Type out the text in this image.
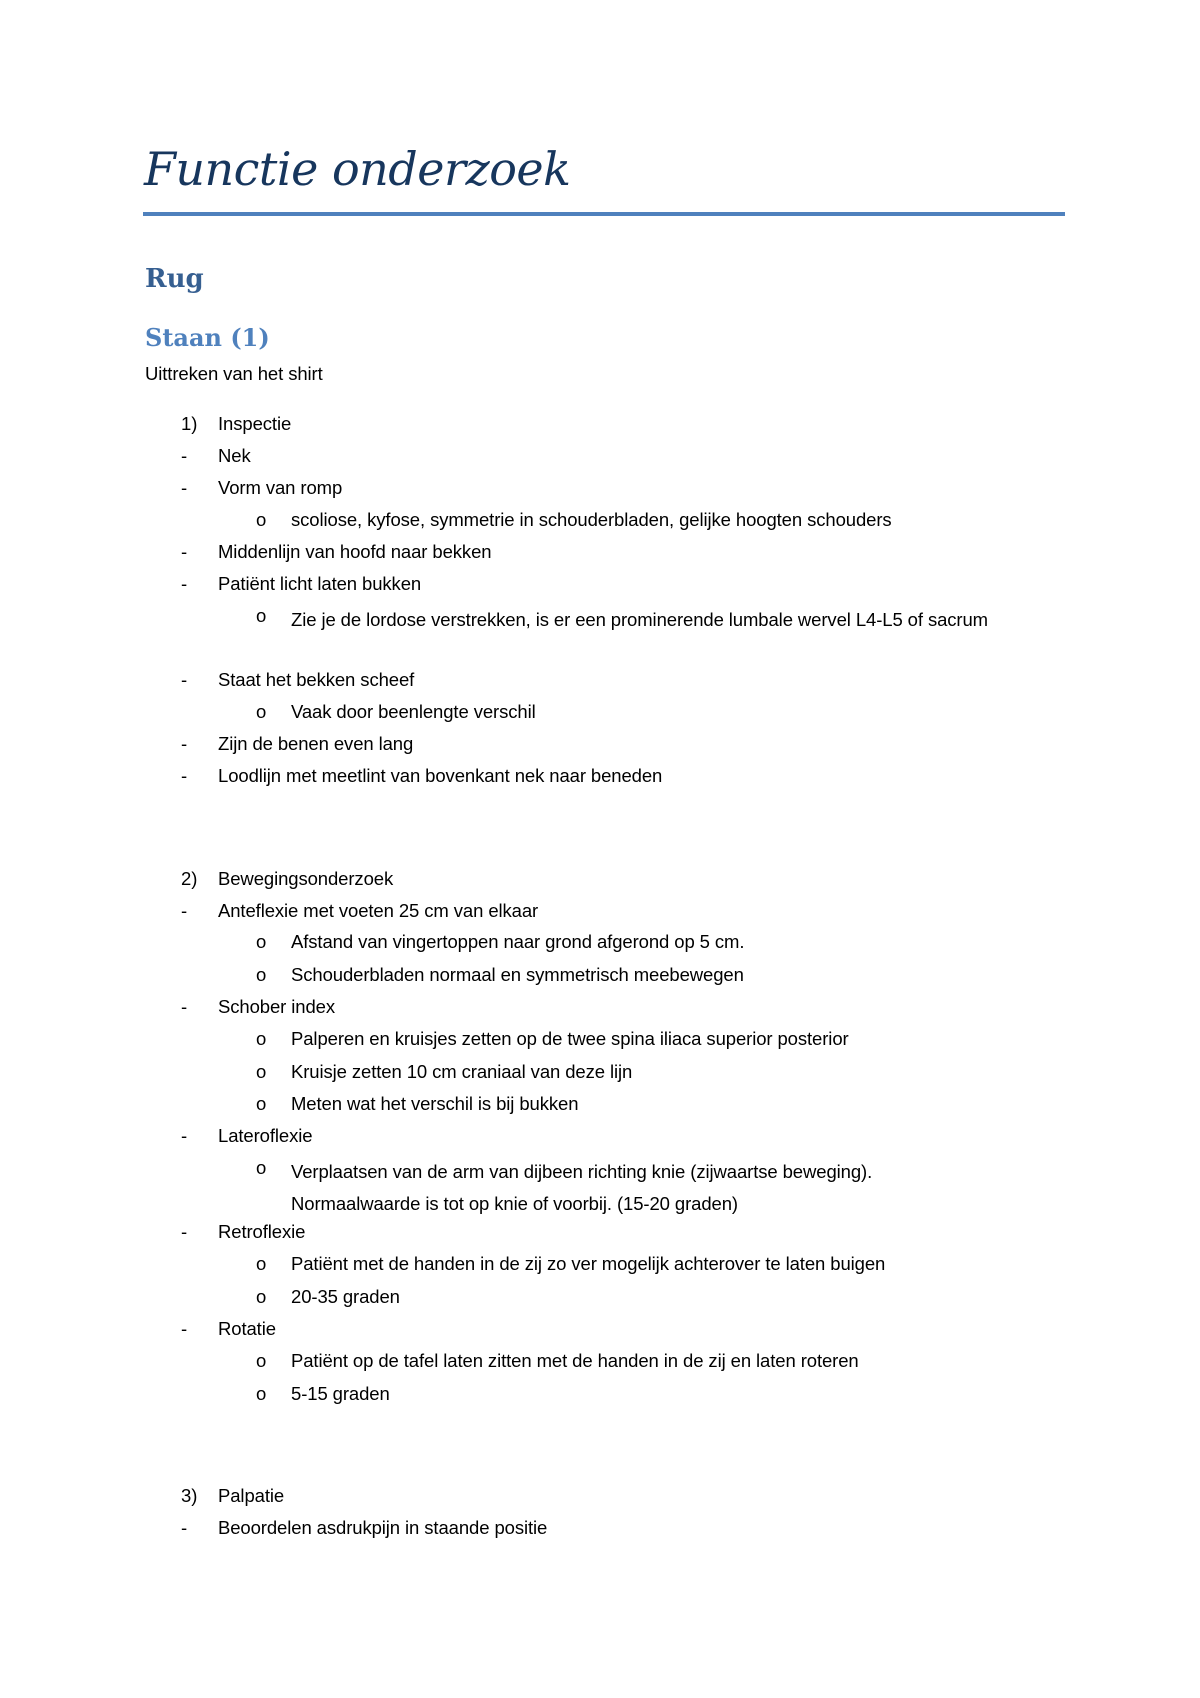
Functie onderzoek
Rug
Staan (1)
Uittreken van het shirt
1) Inspectie
- Nek
- Vorm van romp
o scoliose, kyfose, symmetrie in schouderbladen, gelijke hoogten schouders
- Middenlijn van hoofd naar bekken
- Patiënt licht laten bukken
o Zie je de lordose verstrekken, is er een prominerende lumbale wervel L4-L5 of sacrum
- Staat het bekken scheef
o Vaak door beenlengte verschil
- Zijn de benen even lang
- Loodlijn met meetlint van bovenkant nek naar beneden
2) Bewegingsonderzoek
- Anteflexie met voeten 25 cm van elkaar
o Afstand van vingertoppen naar grond afgerond op 5 cm.
o Schouderbladen normaal en symmetrisch meebewegen
- Schober index
o Palperen en kruisjes zetten op de twee spina iliaca superior posterior
o Kruisje zetten 10 cm craniaal van deze lijn
o Meten wat het verschil is bij bukken
- Lateroflexie
o Verplaatsen van de arm van dijbeen richting knie (zijwaartse beweging). Normaalwaarde is tot op knie of voorbij. (15-20 graden)
- Retroflexie
o Patiënt met de handen in de zij zo ver mogelijk achterover te laten buigen
o 20-35 graden
- Rotatie
o Patiënt op de tafel laten zitten met de handen in de zij en laten roteren
o 5-15 graden
3) Palpatie
- Beoordelen asdrukpijn in staande positie
